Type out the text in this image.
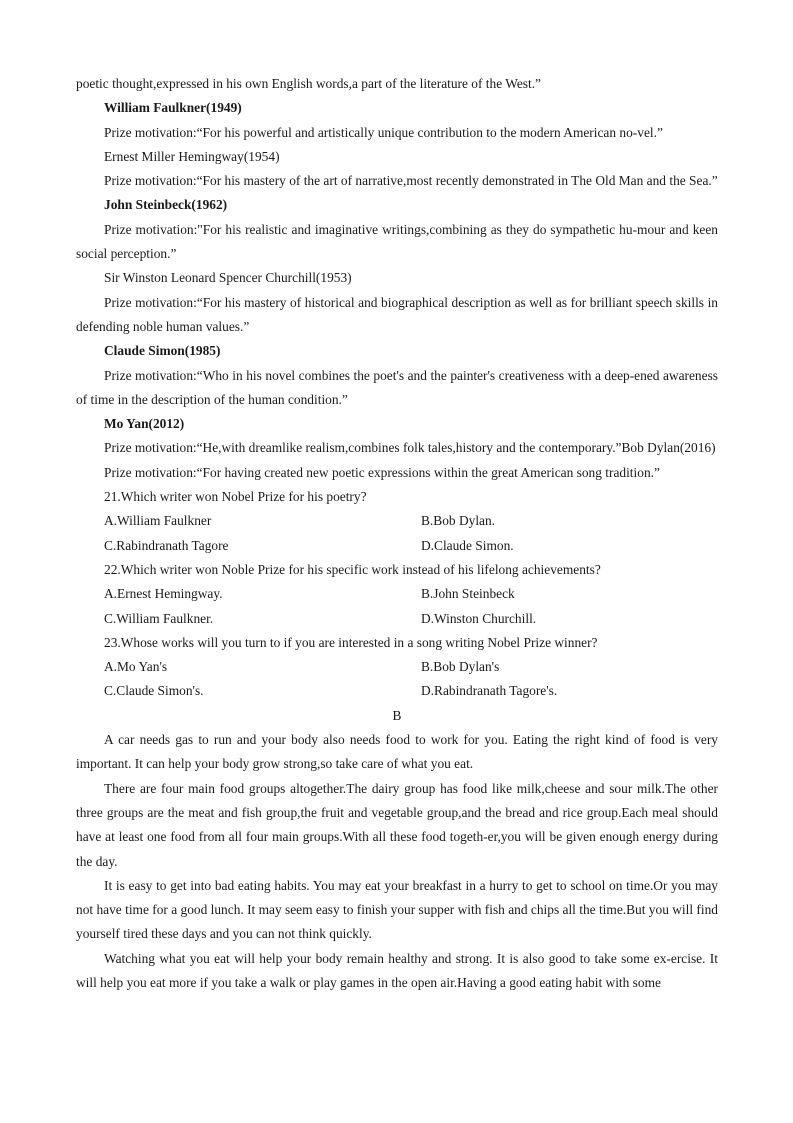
poetic thought,expressed in his own English words,a part of the literature of the West.”

William Faulkner(1949)

Prize motivation:“For his powerful and artistically unique contribution to the modern American no-vel.”

Ernest Miller Hemingway(1954)

Prize motivation:“For his mastery of the art of narrative,most recently demonstrated in The Old Man and the Sea.”

John Steinbeck(1962)

Prize motivation:"For his realistic and imaginative writings,combining as they do sympathetic hu-mour and keen social perception.”

Sir Winston Leonard Spencer Churchill(1953)

Prize motivation:“For his mastery of historical and biographical description as well as for brilliant speech skills in defending noble human values.”

Claude Simon(1985)

Prize motivation:“Who in his novel combines the poet's and the painter's creativeness with a deep-ened awareness of time in the description of the human condition.”

Mo Yan(2012)

Prize motivation:“He,with dreamlike realism,combines folk tales,history and the contemporary.”Bob Dylan(2016)

Prize motivation:“For having created new poetic expressions within the great American song tradition.”

21.Which writer won Nobel Prize for his poetry?

A.William Faulkner	B.Bob Dylan.
C.Rabindranath Tagore	D.Claude Simon.

22.Which writer won Noble Prize for his specific work instead of his lifelong achievements?

A.Ernest Hemingway.	B.John Steinbeck
C.William Faulkner.	D.Winston Churchill.

23.Whose works will you turn to if you are interested in a song writing Nobel Prize winner?

A.Mo Yan's	B.Bob Dylan's
C.Claude Simon's.	D.Rabindranath Tagore's.

B

A car needs gas to run and your body also needs food to work for you. Eating the right kind of food is very important. It can help your body grow strong,so take care of what you eat.

There are four main food groups altogether.The dairy group has food like milk,cheese and sour milk.The other three groups are the meat and fish group,the fruit and vegetable group,and the bread and rice group.Each meal should have at least one food from all four main groups.With all these food togeth-er,you will be given enough energy during the day.

It is easy to get into bad eating habits. You may eat your breakfast in a hurry to get to school on time.Or you may not have time for a good lunch. It may seem easy to finish your supper with fish and chips all the time.But you will find yourself tired these days and you can not think quickly.

Watching what you eat will help your body remain healthy and strong. It is also good to take some ex-ercise. It will help you eat more if you take a walk or play games in the open air.Having a good eating habit with some
